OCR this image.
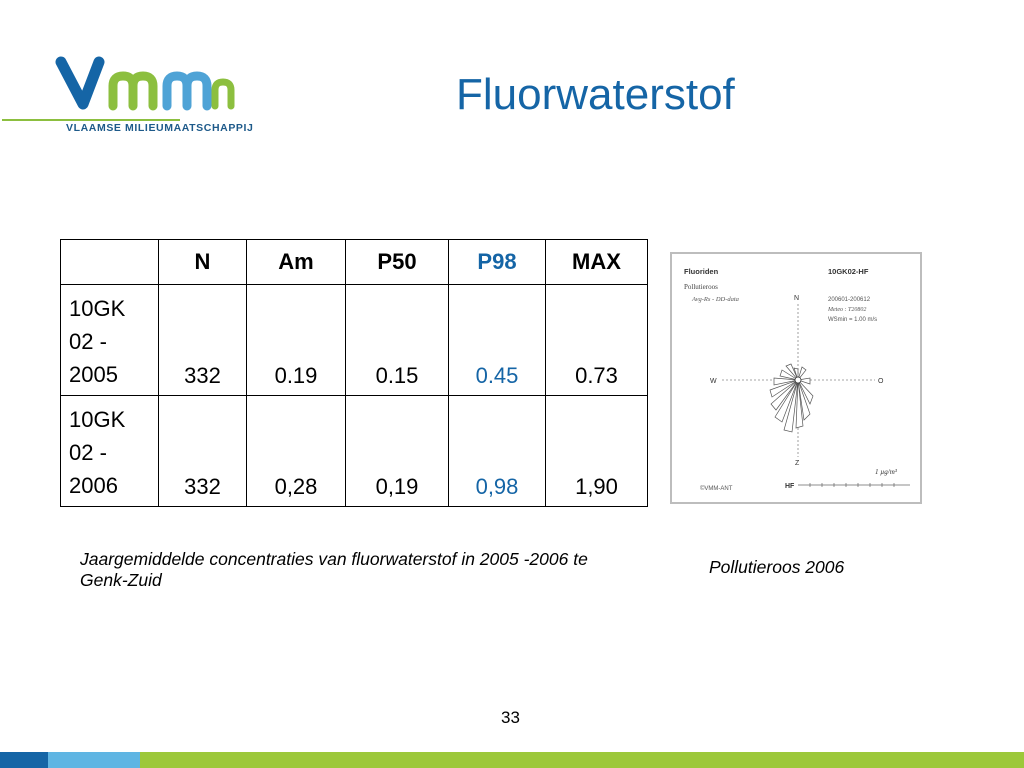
VLAAMSE MILIEUMAATSCHAPPIJ
Fluorwaterstof
	N	Am	P50	P98	MAX
10GK
02 -
2005	332	0.19	0.15	0.45	0.73
10GK
02 -
2006	332	0,28	0,19	0,98	1,90
Fluoriden	10GK02-HF
Pollutieroos
Avg-Rs - DD-data	200601-200612
Meteo : T20802
WSmin = 1.00 m/s
N
Z
W	O
1 µg/m³
©VMM-ANT	HF
Jaargemiddelde concentraties van fluorwaterstof in 2005 -2006 te Genk-Zuid
Pollutieroos 2006
33
